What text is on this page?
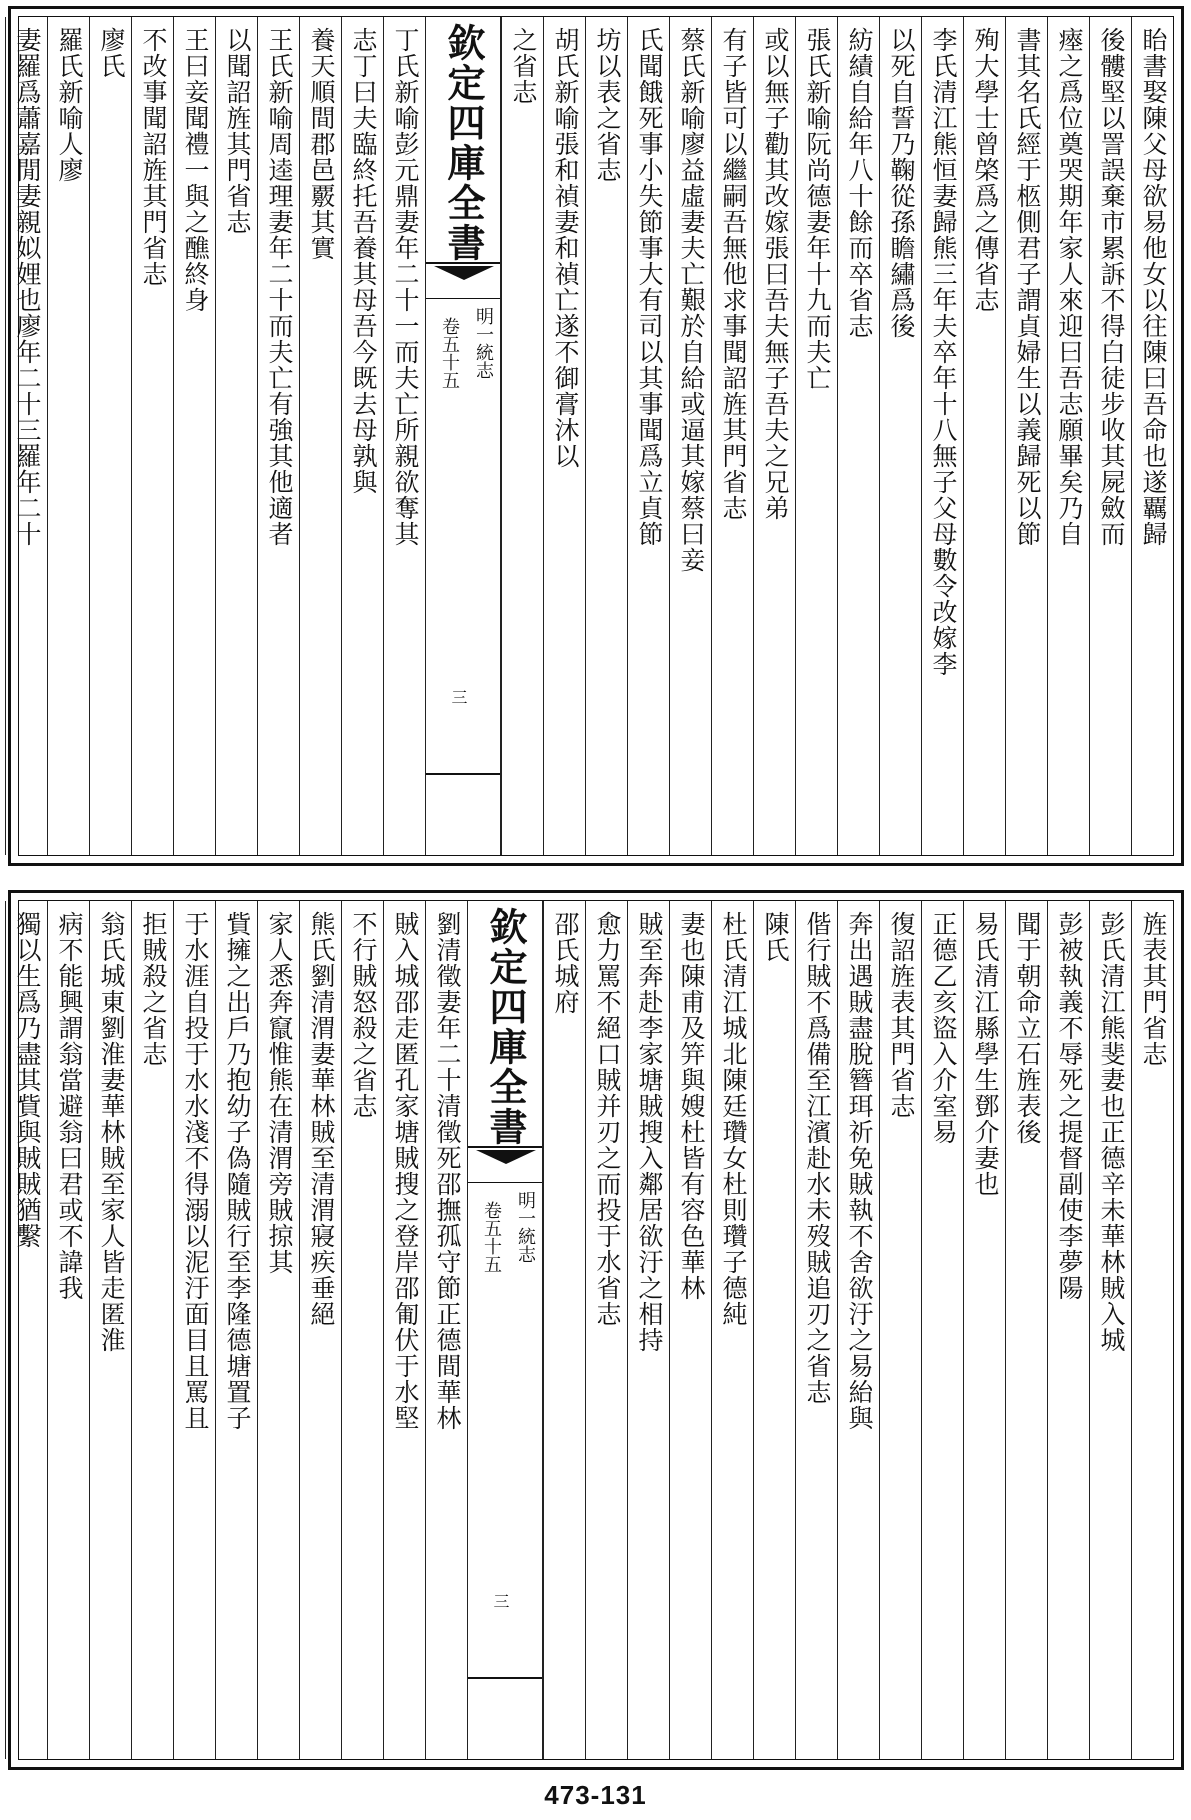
眙書娶陳父母欲易他女以往陳曰吾命也遂覊歸
後髏堅以詈誤棄市累訴不得白徒步收其屍斂而
瘞之爲位奠哭期年家人來迎曰吾志願畢矣乃自
書其名氏經于柩側君子謂貞婦生以義歸死以節
殉大學士曾棨爲之傳省志
李氏清江熊恒妻歸熊三年夫卒年十八無子父母數令改嫁李
以死自誓乃鞠從孫瞻繡爲後
紡績自給年八十餘而卒省志
張氏新喻阮尚德妻年十九而夫亡
或以無子勸其改嫁張曰吾夫無子吾夫之兄弟
有子皆可以繼嗣吾無他求事聞詔旌其門省志
蔡氏新喻廖益虛妻夫亡艱於自給或逼其嫁蔡曰妾
氏聞餓死事小失節事大有司以其事聞爲立貞節
坊以表之省志
胡氏新喻張和禎妻和禎亡遂不御膏沐以
之省志
欽定四庫全書
明一統志
卷五十五
三
丁氏新喻彭元鼎妻年二十一而夫亡所親欲奪其
志丁曰夫臨終托吾養其母吾今既去母孰與
養天順間郡邑覈其實
王氏新喻周逵理妻年二十而夫亡有強其他適者
以聞詔旌其門省志
王曰妾聞禮一與之醮終身
不改事聞詔旌其門省志
廖氏
羅氏新喻人廖
妻羅爲蕭嘉閒妻親姒娌也廖年二十三羅年二十
旌表其門省志
彭氏清江熊斐妻也正德辛未華林賊入城
彭被執義不辱死之提督副使李夢陽
聞于朝命立石旌表後
易氏清江縣學生鄧介妻也
正德乙亥盜入介室易
復詔旌表其門省志
奔出遇賊盡脫簪珥祈免賊執不舍欲汙之易紿與
偕行賊不爲備至江濱赴水未歿賊追刃之省志
陳氏
杜氏清江城北陳廷瓚女杜則瓚子德純
妻也陳甫及笄與嫂杜皆有容色華林
賊至奔赴李家塘賊搜入鄰居欲汙之相持
愈力罵不絕口賊并刃之而投于水省志
邵氏城府
欽定四庫全書
明一統志
卷五十五
三
劉清徵妻年二十清徵死邵撫孤守節正德間華林
賊入城邵走匿孔家塘賊搜之登岸邵匍伏于水堅
不行賊怒殺之省志
熊氏劉清渭妻華林賊至清渭寢疾垂絕
家人悉奔竄惟熊在清渭旁賊掠其
貲擁之出戶乃抱幼子偽隨賊行至李隆德塘置子
于水涯自投于水水淺不得溺以泥汙面目且罵且
拒賊殺之省志
翁氏城東劉淮妻華林賊至家人皆走匿淮
病不能興謂翁當避翁曰君或不諱我
獨以生爲乃盡其貲與賊賊猶繫
473-131
